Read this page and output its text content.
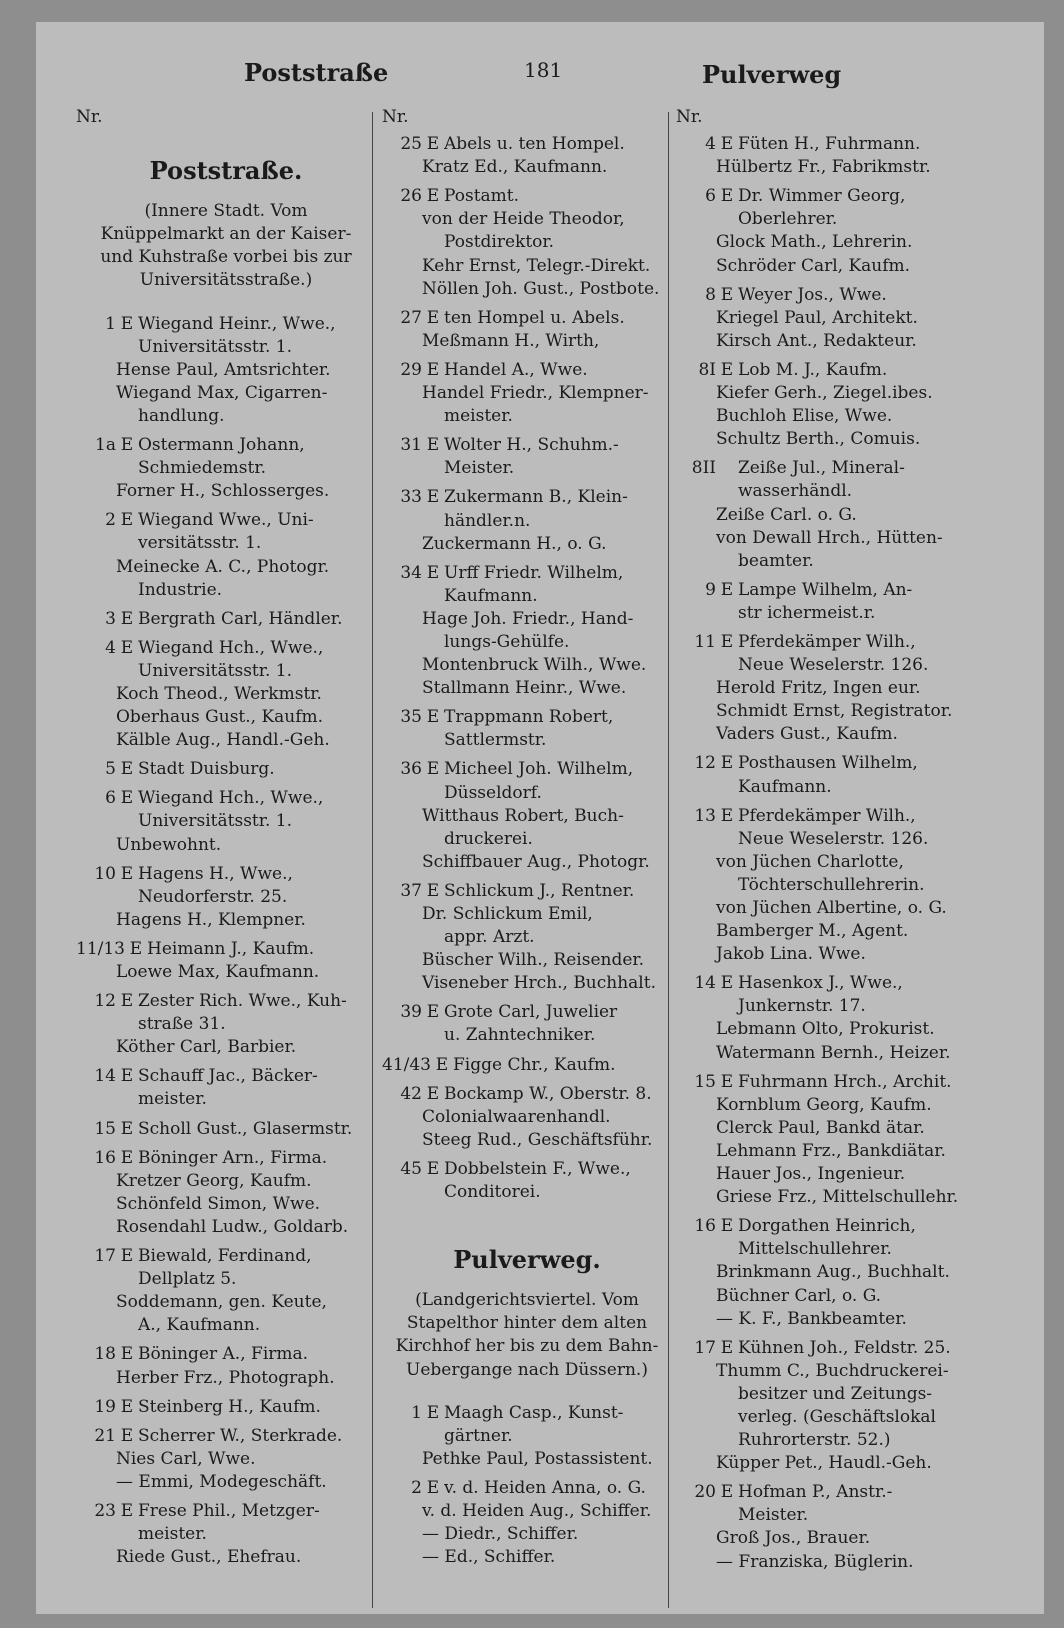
Poststraße	181	Pulverweg
Nr.
Poststraße.
(Innere Stadt. Vom Knüppelmarkt an der Kaiser- und Kuhstraße vorbei bis zur Universitätsstraße.)
1 E Wiegand Heinr., Wwe.,
Universitätsstr. 1.
Hense Paul, Amtsrichter.
Wiegand Max, Cigarren-
handlung.
1a E Ostermann Johann,
Schmiedemstr.
Forner H., Schlosserges.
2 E Wiegand Wwe., Uni-
versitätsstr. 1.
Meinecke A. C., Photogr.
Industrie.
3 E Bergrath Carl, Händler.
4 E Wiegand Hch., Wwe.,
Universitätsstr. 1.
Koch Theod., Werkmstr.
Oberhaus Gust., Kaufm.
Kälble Aug., Handl.-Geh.
5 E Stadt Duisburg.
6 E Wiegand Hch., Wwe.,
Universitätsstr. 1.
Unbewohnt.
10 E Hagens H., Wwe.,
Neudorferstr. 25.
Hagens H., Klempner.
11/13 E Heimann J., Kaufm.
Loewe Max, Kaufmann.
12 E Zester Rich. Wwe., Kuh-
straße 31.
Köther Carl, Barbier.
14 E Schauff Jac., Bäcker-
meister.
15 E Scholl Gust., Glasermstr.
16 E Böninger Arn., Firma.
Kretzer Georg, Kaufm.
Schönfeld Simon, Wwe.
Rosendahl Ludw., Goldarb.
17 E Biewald, Ferdinand,
Dellplatz 5.
Soddemann, gen. Keute,
A., Kaufmann.
18 E Böninger A., Firma.
Herber Frz., Photograph.
19 E Steinberg H., Kaufm.
21 E Scherrer W., Sterkrade.
Nies Carl, Wwe.
— Emmi, Modegeschäft.
23 E Frese Phil., Metzger-
meister.
Riede Gust., Ehefrau.
Nr.
25 E Abels u. ten Hompel.
Kratz Ed., Kaufmann.
26 E Postamt.
von der Heide Theodor,
Postdirektor.
Kehr Ernst, Telegr.-Direkt.
Nöllen Joh. Gust., Postbote.
27 E ten Hompel u. Abels.
Meßmann H., Wirth,
29 E Handel A., Wwe.
Handel Friedr., Klempner-
meister.
31 E Wolter H., Schuhm.-
Meister.
33 E Zukermann B., Klein-
händler.n.
Zuckermann H., o. G.
34 E Urff Friedr. Wilhelm,
Kaufmann.
Hage Joh. Friedr., Hand-
lungs-Gehülfe.
Montenbruck Wilh., Wwe.
Stallmann Heinr., Wwe.
35 E Trappmann Robert,
Sattlermstr.
36 E Micheel Joh. Wilhelm,
Düsseldorf.
Witthaus Robert, Buch-
druckerei.
Schiffbauer Aug., Photogr.
37 E Schlickum J., Rentner.
Dr. Schlickum Emil,
appr. Arzt.
Büscher Wilh., Reisender.
Viseneber Hrch., Buchhalt.
39 E Grote Carl, Juwelier
u. Zahntechniker.
41/43 E Figge Chr., Kaufm.
42 E Bockamp W., Oberstr. 8.
Colonialwaarenhandl.
Steeg Rud., Geschäftsführ.
45 E Dobbelstein F., Wwe.,
Conditorei.
Pulverweg.
(Landgerichtsviertel. Vom Stapelthor hinter dem alten Kirchhof her bis zu dem Bahn-Uebergange nach Düssern.)
1 E Maagh Casp., Kunst-
gärtner.
Pethke Paul, Postassistent.
2 E v. d. Heiden Anna, o. G.
v. d. Heiden Aug., Schiffer.
— Diedr., Schiffer.
— Ed., Schiffer.
Nr.
4 E Füten H., Fuhrmann.
Hülbertz Fr., Fabrikmstr.
6 E Dr. Wimmer Georg,
Oberlehrer.
Glock Math., Lehrerin.
Schröder Carl, Kaufm.
8 E Weyer Jos., Wwe.
Kriegel Paul, Architekt.
Kirsch Ant., Redakteur.
8I E Lob M. J., Kaufm.
Kiefer Gerh., Ziegel.ibes.
Buchloh Elise, Wwe.
Schultz Berth., Comuis.
8II Zeiße Jul., Mineral-
wasserhändl.
Zeiße Carl. o. G.
von Dewall Hrch., Hütten-
beamter.
9 E Lampe Wilhelm, An-
str ichermeist.r.
11 E Pferdekämper Wilh.,
Neue Weselerstr. 126.
Herold Fritz, Ingen eur.
Schmidt Ernst, Registrator.
Vaders Gust., Kaufm.
12 E Posthausen Wilhelm,
Kaufmann.
13 E Pferdekämper Wilh.,
Neue Weselerstr. 126.
von Jüchen Charlotte,
Töchterschullehrerin.
von Jüchen Albertine, o. G.
Bamberger M., Agent.
Jakob Lina. Wwe.
14 E Hasenkox J., Wwe.,
Junkernstr. 17.
Lebmann Olto, Prokurist.
Watermann Bernh., Heizer.
15 E Fuhrmann Hrch., Archit.
Kornblum Georg, Kaufm.
Clerck Paul, Bankd ätar.
Lehmann Frz., Bankdiätar.
Hauer Jos., Ingenieur.
Griese Frz., Mittelschullehr.
16 E Dorgathen Heinrich,
Mittelschullehrer.
Brinkmann Aug., Buchhalt.
Büchner Carl, o. G.
— K. F., Bankbeamter.
17 E Kühnen Joh., Feldstr. 25.
Thumm C., Buchdruckerei-
besitzer und Zeitungs-
verleg. (Geschäftslokal
Ruhrorterstr. 52.)
Küpper Pet., Haudl.-Geh.
20 E Hofman P., Anstr.-
Meister.
Groß Jos., Brauer.
— Franziska, Büglerin.
